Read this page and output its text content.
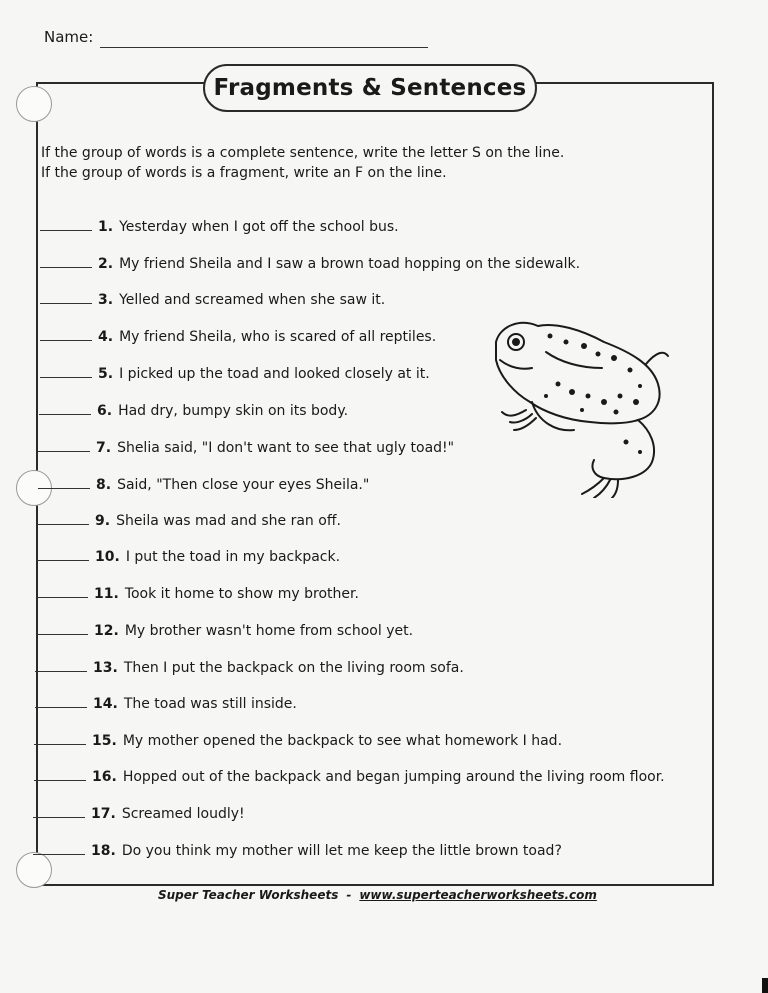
Name:
Fragments & Sentences
If the group of words is a complete sentence, write the letter S on the line.
If the group of words is a fragment, write an F on the line.
1. Yesterday when I got off the school bus.
2. My friend Sheila and I saw a brown toad hopping on the sidewalk.
3. Yelled and screamed when she saw it.
4. My friend Sheila, who is scared of all reptiles.
5. I picked up the toad and looked closely at it.
6. Had dry, bumpy skin on its body.
7. Shelia said, "I don't want to see that ugly toad!"
8. Said, "Then close your eyes Sheila."
9. Sheila was mad and she ran off.
10. I put the toad in my backpack.
11. Took it home to show my brother.
12. My brother wasn't home from school yet.
13. Then I put the backpack on the living room sofa.
14. The toad was still inside.
15. My mother opened the backpack to see what homework I had.
16. Hopped out of the backpack and began jumping around the living room floor.
17. Screamed loudly!
18. Do you think my mother will let me keep the little brown toad?
Super Teacher Worksheets - www.superteacherworksheets.com
